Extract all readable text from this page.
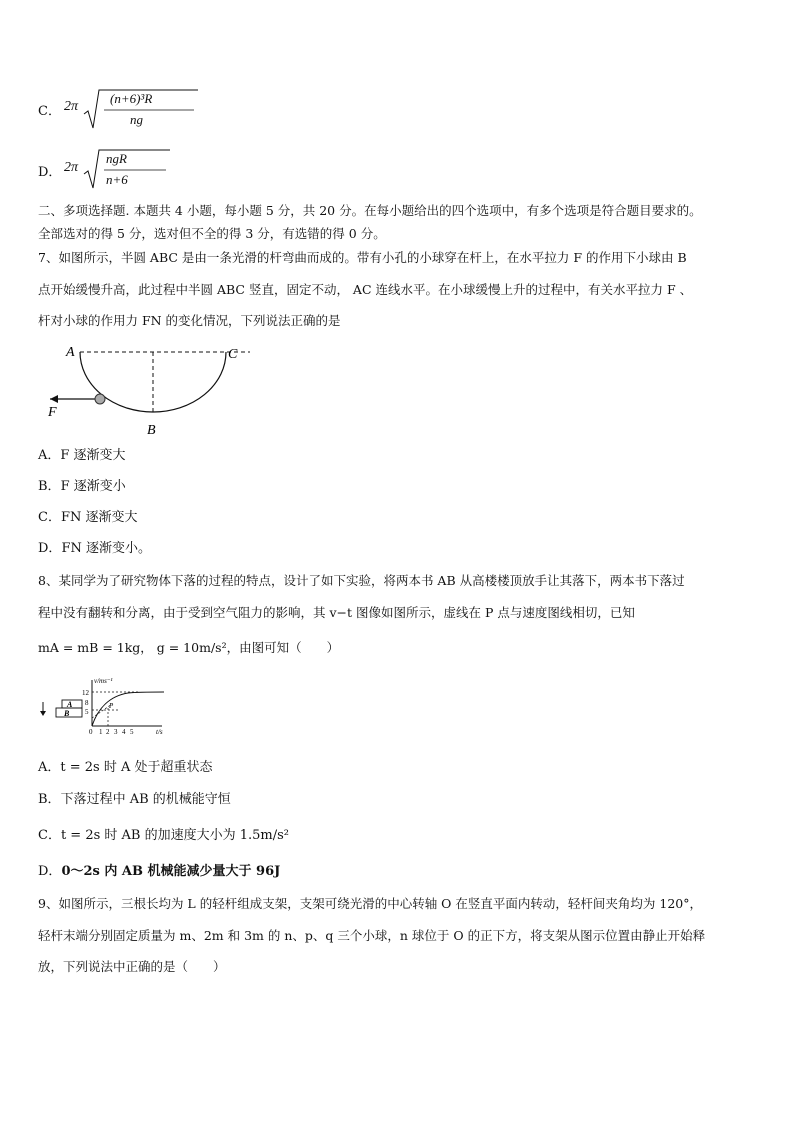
C． 2π
(n+6)³R
ng
D． 2π
ngR
n+6
二、多项选择题. 本题共 4 小题，每小题 5 分，共 20 分。在每小题给出的四个选项中，有多个选项是符合题目要求的。
全部选对的得 5 分，选对但不全的得 3 分，有选错的得 0 分。
7、如图所示，半圆 ABC 是由一条光滑的杆弯曲而成的。带有小孔的小球穿在杆上，在水平拉力 F 的作用下小球由 B
点开始缓慢升高，此过程中半圆 ABC 竖直，固定不动， AC 连线水平。在小球缓慢上升的过程中，有关水平拉力 F 、
杆对小球的作用力 FN 的变化情况，下列说法正确的是
A	C
B
F
A．F 逐渐变大
B．F 逐渐变小
C．FN 逐渐变大
D．FN 逐渐变小。
8、某同学为了研究物体下落的过程的特点，设计了如下实验，将两本书 AB 从高楼楼顶放手让其落下，两本书下落过
程中没有翻转和分离，由于受到空气阻力的影响，其 v−t 图像如图所示，虚线在 P 点与速度图线相切，已知
mA = mB = 1kg， g = 10m/s²，由图可知（　　）
A
B
v/ms⁻¹
t/s
P
12
8
5
0 1 2 3 4 5
A．t = 2s 时 A 处于超重状态
B．下落过程中 AB 的机械能守恒
C．t = 2s 时 AB 的加速度大小为 1.5m/s²
D．0～2s 内 AB 机械能减少量大于 96J
9、如图所示，三根长均为 L 的轻杆组成支架，支架可绕光滑的中心转轴 O 在竖直平面内转动，轻杆间夹角均为 120°，
轻杆末端分别固定质量为 m、2m 和 3m 的 n、p、q 三个小球，n 球位于 O 的正下方，将支架从图示位置由静止开始释
放，下列说法中正确的是（　　）
